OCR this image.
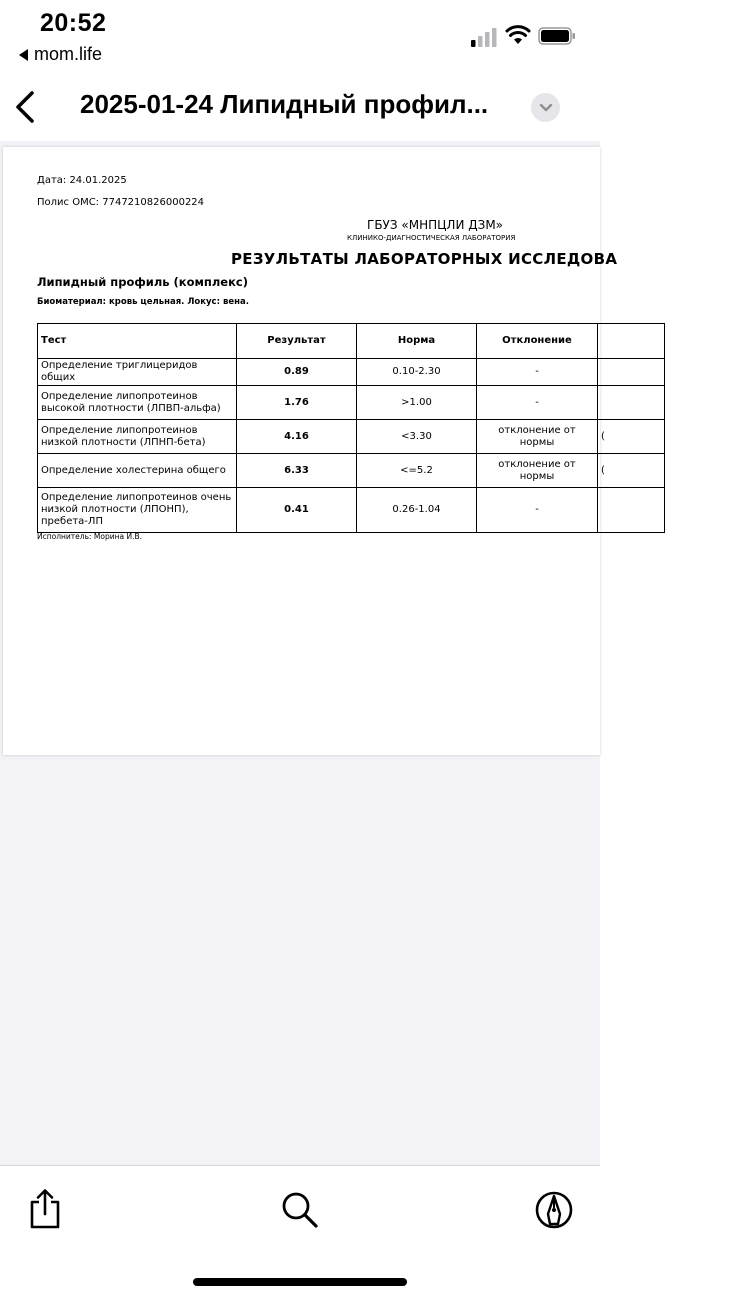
20:52
mom.life
2025-01-24 Липидный профил...
Дата: 24.01.2025
Полис ОМС: 7747210826000224
ГБУЗ «МНПЦЛИ ДЗМ»
КЛИНИКО-ДИАГНОСТИЧЕСКАЯ ЛАБОРАТОРИЯ
РЕЗУЛЬТАТЫ ЛАБОРАТОРНЫХ ИССЛЕДОВА
Липидный профиль (комплекс)
Биоматериал: кровь цельная. Локус: вена.
Тест	Результат	Норма	Отклонение	
Определение триглицеридов общих	0.89	0.10-2.30	-	
Определение липопротеинов высокой плотности (ЛПВП-альфа)	1.76	>1.00	-	
Определение липопротеинов низкой плотности (ЛПНП-бета)	4.16	<3.30	отклонение от нормы	(
Определение холестерина общего	6.33	<=5.2	отклонение от нормы	(
Определение липопротеинов очень низкой плотности (ЛПОНП), пребета-ЛП	0.41	0.26-1.04	-	
Исполнитель: Морина И.В.
